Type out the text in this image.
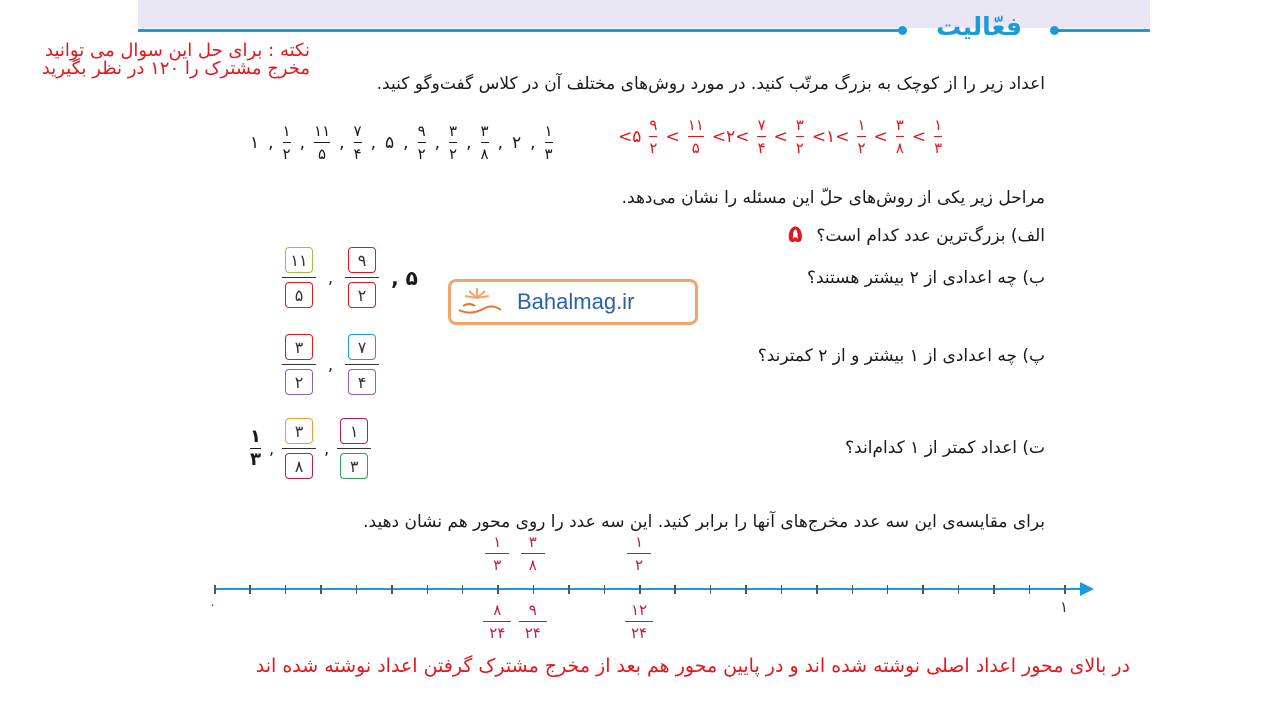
فعّالیت
نکته : برای حل این سوال می توانید مخرج مشترک را ۱۲۰ در نظر بگیرید
اعداد زیر را از کوچک به بزرگ مرتّب کنید. در مورد روش‌های مختلف آن در کلاس گفت‌وگو کنید.
۱ , $\frac{۱}{۲}$ , $\frac{۱۱}{۵}$ , $\frac{۷}{۴}$ , ۵ , $\frac{۹}{۲}$ , $\frac{۳}{۲}$ , $\frac{۳}{۸}$ , ۲ , $\frac{۱}{۳}$	$\frac{۱}{۳}$
<
$\frac{۳}{۸}$
<
$\frac{۱}{۲}$
<۱<
$\frac{۳}{۲}$
<
$\frac{۷}{۴}$
<۲<
$\frac{۱۱}{۵}$
<
$\frac{۹}{۲}$
<۵
مراحل زیر یکی از روش‌های حلّ این مسئله را نشان می‌دهد.
الف) بزرگ‌ترین عدد کدام است؟
۵
ب) چه اعدادی از ۲ بیشتر هستند؟
۱۱
۵
,
۹
۲
, ۵
پ) چه اعدادی از ۱ بیشتر و از ۲ کمترند؟
۳
۲
,
۷
۴
ت) اعداد کمتر از ۱ کدام‌اند؟
$\frac{۱}{۳}$ ,
۳
۸
,
۱
۳
Bahalmag.ir
برای مقایسه‌ی این سه عدد مخرج‌های آنها را برابر کنید. این سه عدد را روی محور هم نشان دهید.
۰	۱
۱
۳
۳
۸
۱
۲
۸
۲۴
۹
۲۴
۱۲
۲۴
در بالای محور اعداد اصلی نوشته شده اند و در پایین محور هم بعد از مخرج مشترک گرفتن اعداد نوشته شده اند
